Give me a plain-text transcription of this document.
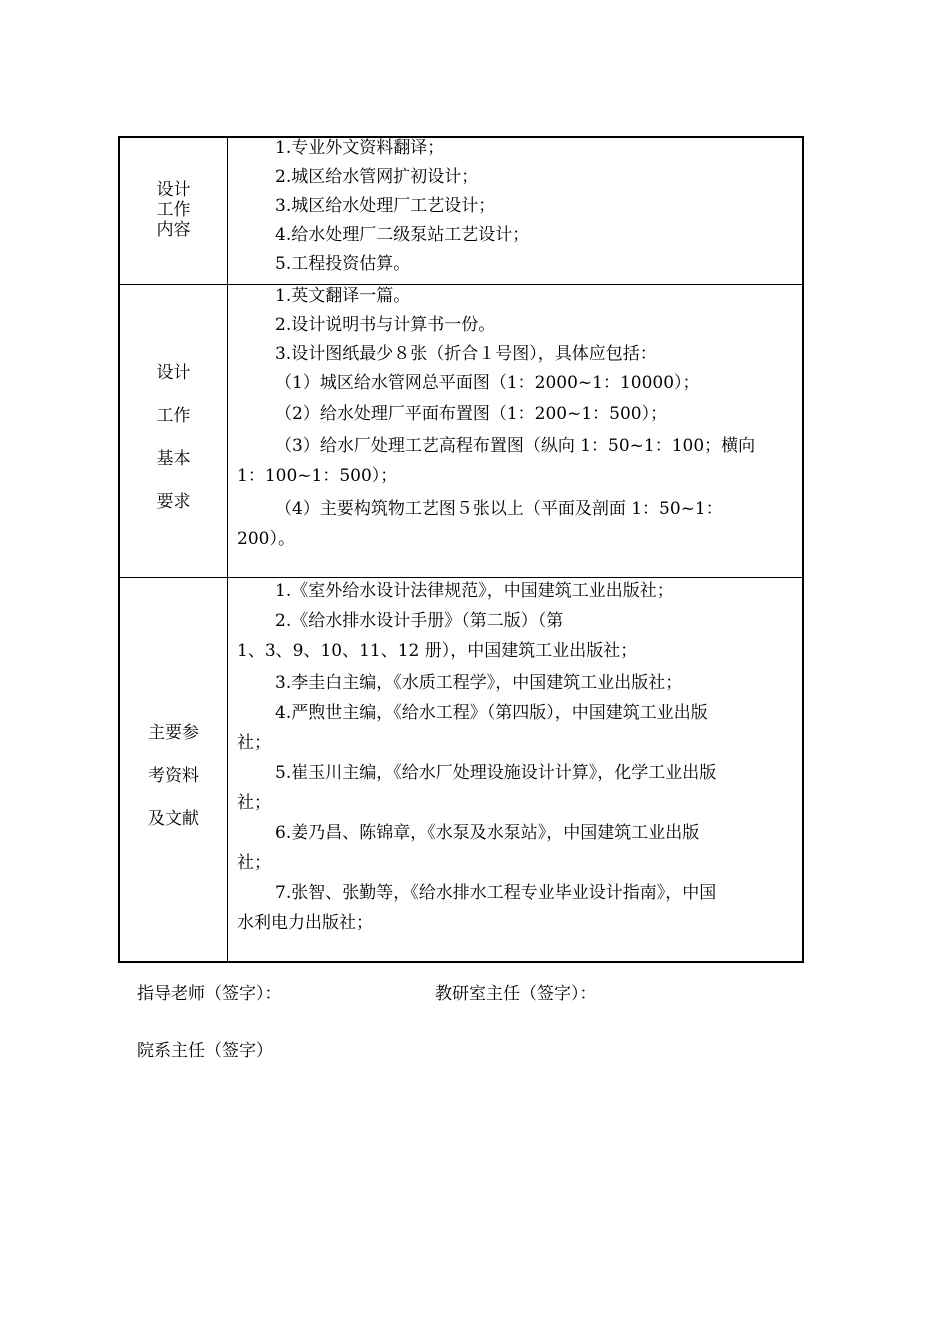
设计
工作
内容
1.专业外文资料翻译；
2.城区给水管网扩初设计；
3.城区给水处理厂工艺设计；
4.给水处理厂二级泵站工艺设计；
5.工程投资估算。
设计
工作
基本
要求
1.英文翻译一篇。
2.设计说明书与计算书一份。
3.设计图纸最少８张（折合１号图），具体应包括：
（1）城区给水管网总平面图（1：2000~1：10000）；
（2）给水处理厂平面布置图（1：200~1：500）；
（3）给水厂处理工艺高程布置图（纵向 1：50~1：100；横向
1：100~1：500）；
（4）主要构筑物工艺图５张以上（平面及剖面 1：50~1：
200）。
主要参
考资料
及文献
1.《室外给水设计法律规范》，中国建筑工业出版社；
2.《给水排水设计手册》（第二版）（第
1、3、9、10、11、12 册），中国建筑工业出版社；
3.李圭白主编，《水质工程学》，中国建筑工业出版社；
4.严煦世主编，《给水工程》（第四版），中国建筑工业出版
社；
5.崔玉川主编，《给水厂处理设施设计计算》，化学工业出版
社；
6.姜乃昌、陈锦章，《水泵及水泵站》，中国建筑工业出版
社；
7.张智、张勤等，《给水排水工程专业毕业设计指南》，中国
水利电力出版社；
指导老师（签字）：	教研室主任（签字）：
院系主任（签字）
